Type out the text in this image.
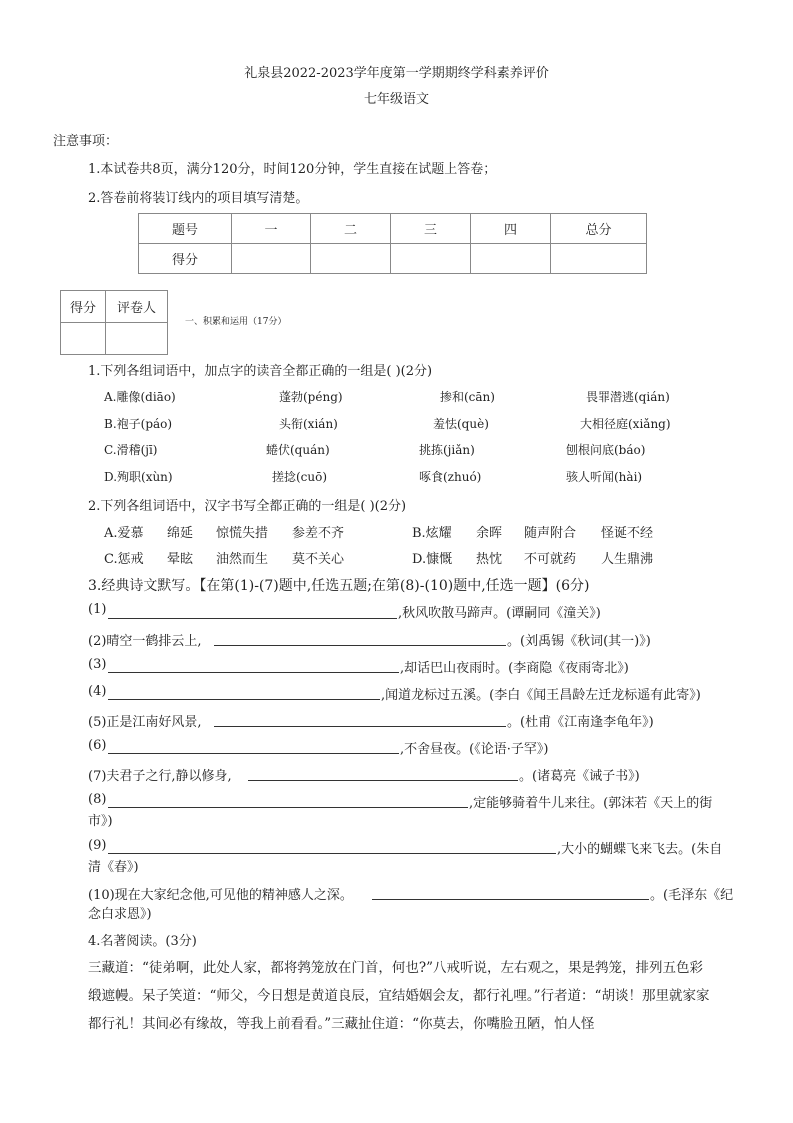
礼泉县2022-2023学年度第一学期期终学科素养评价
七年级语文
注意事项：
1.本试卷共8页，满分120分，时间120分钟，学生直接在试题上答卷；
2.答卷前将装订线内的项目填写清楚。
题号	一	二	三	四	总分
得分					
得分	评卷人

一、积累和运用（17分）
1.下列各组词语中，加点字的读音全都正确的一组是( )(2分)
A.雕像(diāo)	蓬勃(péng)	掺和(cān)	畏罪潜逃(qián)
B.袍子(páo)	头衔(xián)	羞怯(què)	大相径庭(xiǎng)
C.滑稽(jī)	蜷伏(quán)	挑拣(jiǎn)	刨根问底(báo)
D.殉职(xùn)	搓捻(cuō)	啄食(zhuó)	骇人听闻(hài)
2.下列各组词语中，汉字书写全都正确的一组是( )(2分)
A.爱慕 绵延 惊慌失措 参差不齐	B.炫耀 余晖 随声附合 怪诞不经
C.惩戒 晕眩 油然而生 莫不关心	D.慷慨 热忱 不可就药 人生鼎沸
3.经典诗文默写。【在第(1)-(7)题中,任选五题;在第(8)-(10)题中,任选一题】(6分)
(1)	,秋风吹散马蹄声。(谭嗣同《潼关》)
(2)晴空一鹤排云上,	。(刘禹锡《秋词(其一)》)
(3)	,却话巴山夜雨时。(李商隐《夜雨寄北》)
(4)	,闻道龙标过五溪。(李白《闻王昌龄左迁龙标遥有此寄》)
(5)正是江南好风景,	。(杜甫《江南逢李龟年》)
(6)	,不舍昼夜。(《论语·子罕》)
(7)夫君子之行,静以修身,	。(诸葛亮《诫子书》)
(8)	,定能够骑着牛儿来往。(郭沫若《天上的街
市》)
(9)	,大小的蝴蝶飞来飞去。(朱自
清《春》)
(10)现在大家纪念他,可见他的精神感人之深。	。(毛泽东《纪
念白求恩》)
4.名著阅读。(3分)
三藏道：“徒弟啊，此处人家，都将鹁笼放在门首，何也?”八戒听说，左右观之，果是鹁笼，排列五色彩
缎遮幔。呆子笑道：“师父，今日想是黄道良辰，宜结婚姻会友，都行礼哩。”行者道：“胡谈！那里就家家
都行礼！其间必有缘故，等我上前看看。”三藏扯住道：“你莫去，你嘴脸丑陋，怕人怪
